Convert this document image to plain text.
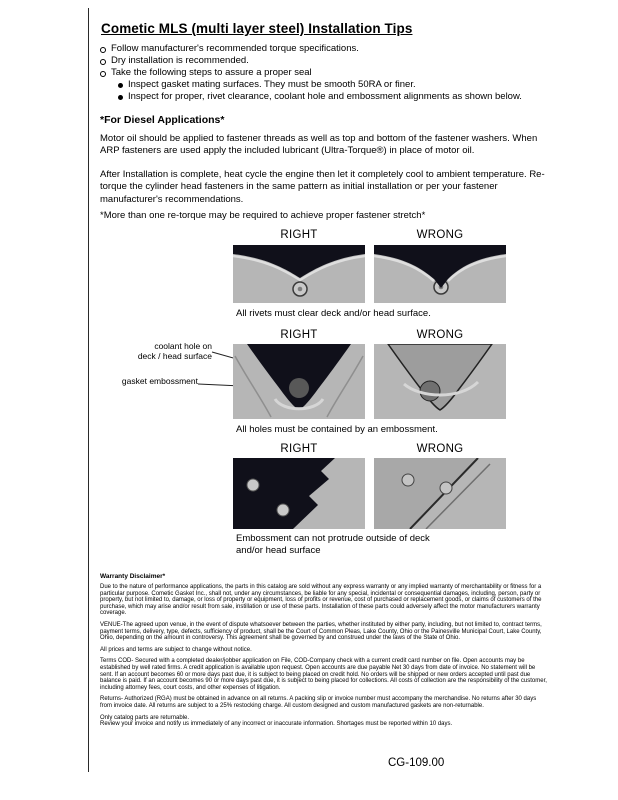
Cometic MLS (multi layer steel) Installation Tips
Follow manufacturer's recommended torque specifications.
Dry installation is recommended.
Take the following steps to assure a proper seal
Inspect gasket mating surfaces. They must be smooth 50RA or finer.
Inspect for proper, rivet clearance, coolant hole and embossment alignments as shown below.
*For Diesel Applications*

Motor oil should be applied to fastener threads as well as top and bottom of the fastener washers. When ARP fasteners are used apply the included lubricant (Ultra-Torque®) in place of motor oil.

After Installation is complete, heat cycle the engine then let it completely cool to ambient temperature. Re-torque the cylinder head fasteners in the same pattern as initial installation or per your fastener manufacturer's recommendations.

*More than one re-torque may be required to achieve proper fastener stretch*
RIGHT	WRONG
All rivets must clear deck and/or head surface.
RIGHT	WRONG
coolant hole on
deck / head surface
gasket embossment
All holes must be contained by an embossment.
RIGHT	WRONG
Embossment can not protrude outside of deck
and/or head surface

Warranty Disclaimer*

Due to the nature of performance applications, the parts in this catalog are sold without any express warranty or any implied warranty of merchantability or fitness for a particular purpose. Cometic Gasket Inc., shall not, under any circumstances, be liable for any special, incidental or consequential damages, including, person, party or property, but not limited to, damage, or loss of property or equipment, loss of profits or revenue, cost of purchased or replacement goods, or claims of customers of the purchase, which may arise and/or result from sale, instillation or use of these parts. Installation of these parts could adversely affect the motor manufacturers warranty coverage.

VENUE-The agreed upon venue, in the event of dispute whatsoever between the parties, whether instituted by either party, including, but not limited to, contract terms, payment terms, delivery, type, defects, sufficiency of product, shall be the Court of Common Pleas, Lake County, Ohio or the Painesville Municipal Court, Lake County, Ohio, depending on the amount in controversy. This agreement shall be governed by and construed under the laws of the State of Ohio.

All prices and terms are subject to change without notice.

Terms COD- Secured with a completed dealer/jobber application on File, COD-Company check with a current credit card number on file. Open accounts may be established by well rated firms. A credit application is available upon request. Open accounts are due payable Net 30 days from date of invoice. No statement will be sent. If an account becomes 60 or more days past due, it is subject to being placed on credit hold. No orders will be shipped or new orders accepted until past due balance is paid. If an account becomes 90 or more days past due, it is subject to being placed for collections. All costs of collection are the responsibility of the customer, including attorney fees, court costs, and other expenses of litigation.

Returns- Authorized (RGA) must be obtained in advance on all returns. A packing slip or invoice number must accompany the merchandise. No returns after 30 days from invoice date. All returns are subject to a 25% restocking charge. All custom designed and custom manufactured gaskets are non-returnable.

Only catalog parts are returnable.
Review your invoice and notify us immediately of any incorrect or inaccurate information. Shortages must be reported within 10 days.

CG-109.00
